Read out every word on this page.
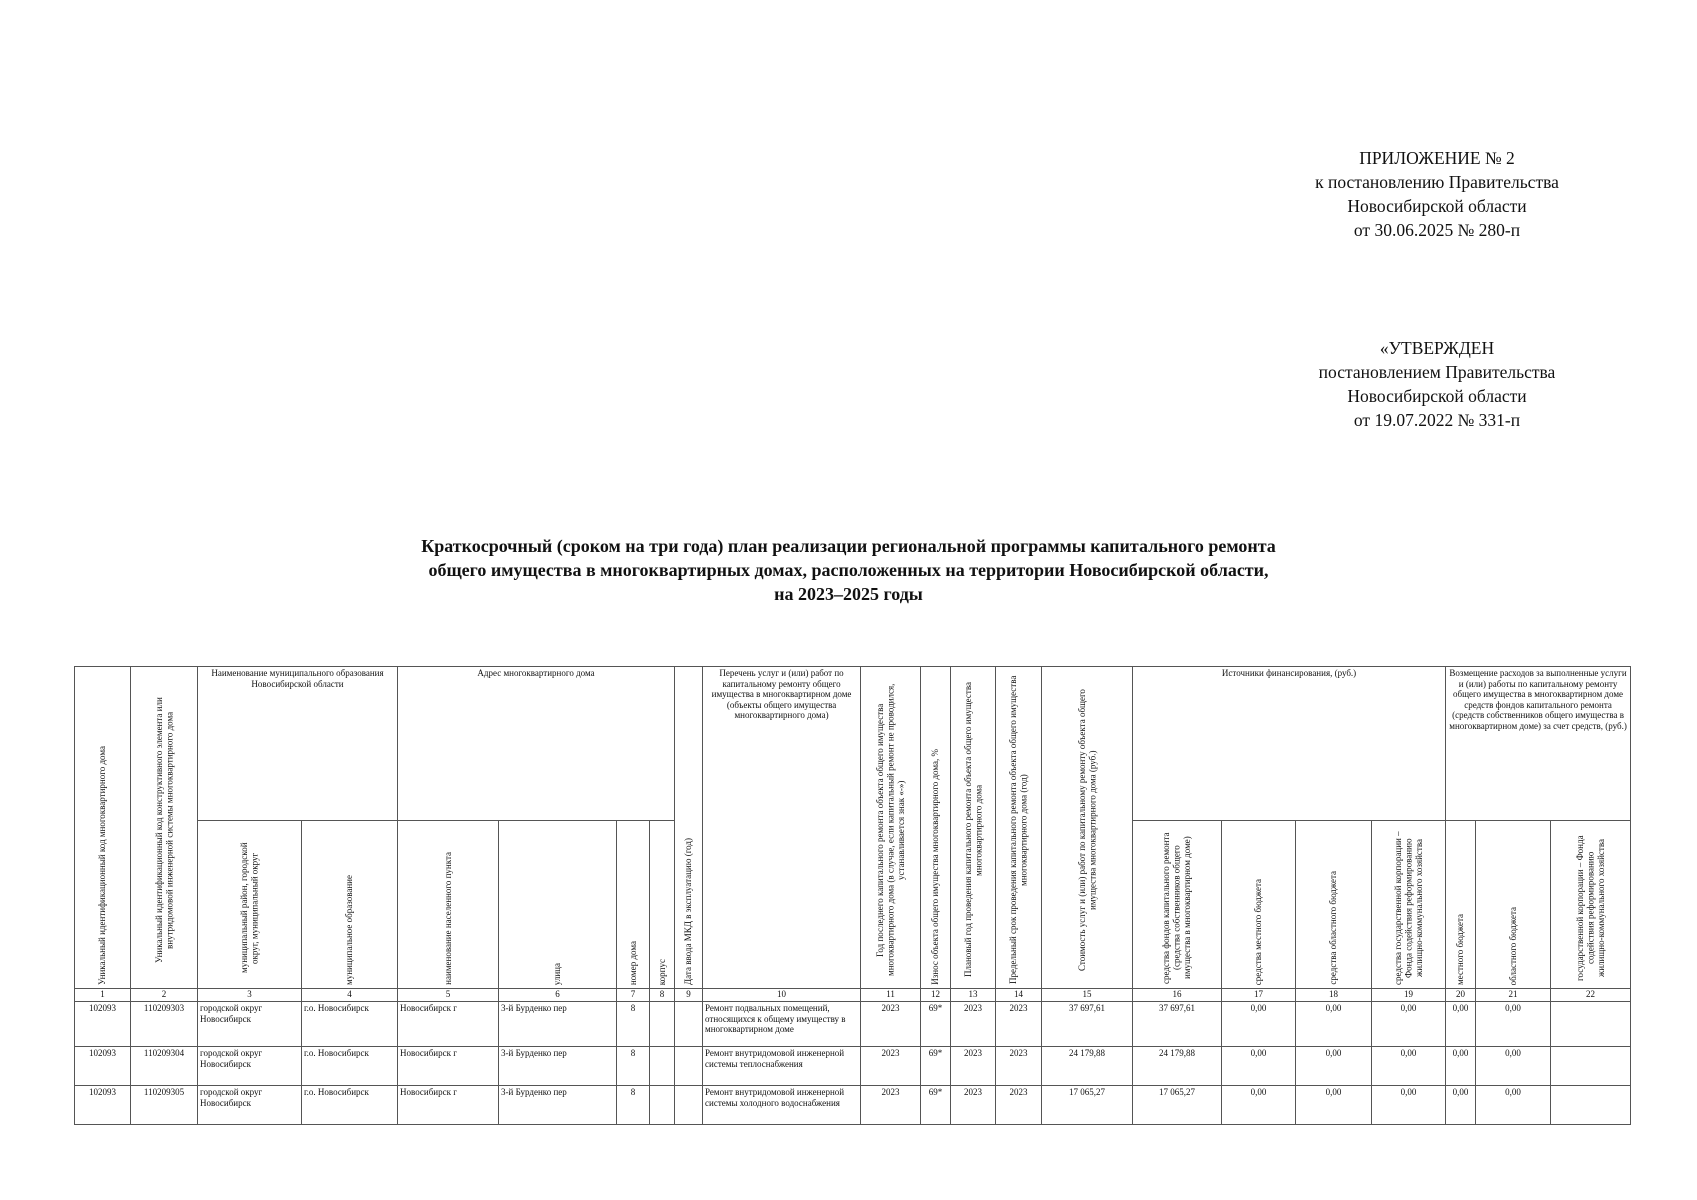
ПРИЛОЖЕНИЕ № 2
к постановлению Правительства
Новосибирской области
от 30.06.2025 № 280-п
«УТВЕРЖДЕН
постановлением Правительства
Новосибирской области
от 19.07.2022 № 331-п
Краткосрочный (сроком на три года) план реализации региональной программы капитального ремонта
общего имущества в многоквартирных домах, расположенных на территории Новосибирской области,
на 2023–2025 годы
Уникальный идентификационный код многоквартирного дома	Уникальный идентификационный код конструктивного элемента или внутридомовой инженерной системы многоквартирного дома	Наименование муниципального образования Новосибирской области		Адрес многоквартирного дома				Дата ввода МКД в эксплуатацию (год)	Перечень услуг и (или) работ по капитальному ремонту общего имущества в многоквартирном доме (объекты общего имущества многоквартирного дома)	Год последнего капитального ремонта объекта общего имущества многоквартирного дома (в случае, если капитальный ремонт не проводился, устанавливается знак «-»)	Износ объекта общего имущества многоквартирного дома, %	Плановый год проведения капитального ремонта объекта общего имущества многоквартирного дома	Предельный срок проведения капитального ремонта объекта общего имущества многоквартирного дома (год)	Стоимость услуг и (или) работ по капитальному ремонту объекта общего имущества многоквартирного дома (руб.)	Источники финансирования, (руб.)				Возмещение расходов за выполненные услуги и (или) работы по капитальному ремонту общего имущества в многоквартирном доме средств фондов капитального ремонта (средств собственников общего имущества в многоквартирном доме) за счет средств, (руб.)		

		муниципальный район, городской округ, муниципальный округ	муниципальное образование	наименование населенного пункта	улица	номер дома	корпус								средства фондов капитального ремонта (средства собственников общего имущества в многоквартирном доме)	средства местного бюджета	средства областного бюджета	средства государственной корпорации – Фонда содействия реформированию жилищно-коммунального хозяйства	местного бюджета	областного бюджета	государственной корпорации – Фонда содействия реформированию жилищно-коммунального хозяйства

1	2	3	4	5	6	7	8	9	10	11	12	13	14	15	16	17	18	19	20	21	22
102093	110209303	городской округ Новосибирск	г.о. Новосибирск	Новосибирск г	3-й Бурденко пер	8			Ремонт подвальных помещений, относящихся к общему имуществу в многоквартирном доме	2023	69*	2023	2023	37 697,61	37 697,61	0,00	0,00	0,00	0,00	0,00	
102093	110209304	городской округ Новосибирск	г.о. Новосибирск	Новосибирск г	3-й Бурденко пер	8			Ремонт внутридомовой инженерной системы теплоснабжения	2023	69*	2023	2023	24 179,88	24 179,88	0,00	0,00	0,00	0,00	0,00	
102093	110209305	городской округ Новосибирск	г.о. Новосибирск	Новосибирск г	3-й Бурденко пер	8			Ремонт внутридомовой инженерной системы холодного водоснабжения	2023	69*	2023	2023	17 065,27	17 065,27	0,00	0,00	0,00	0,00	0,00	
